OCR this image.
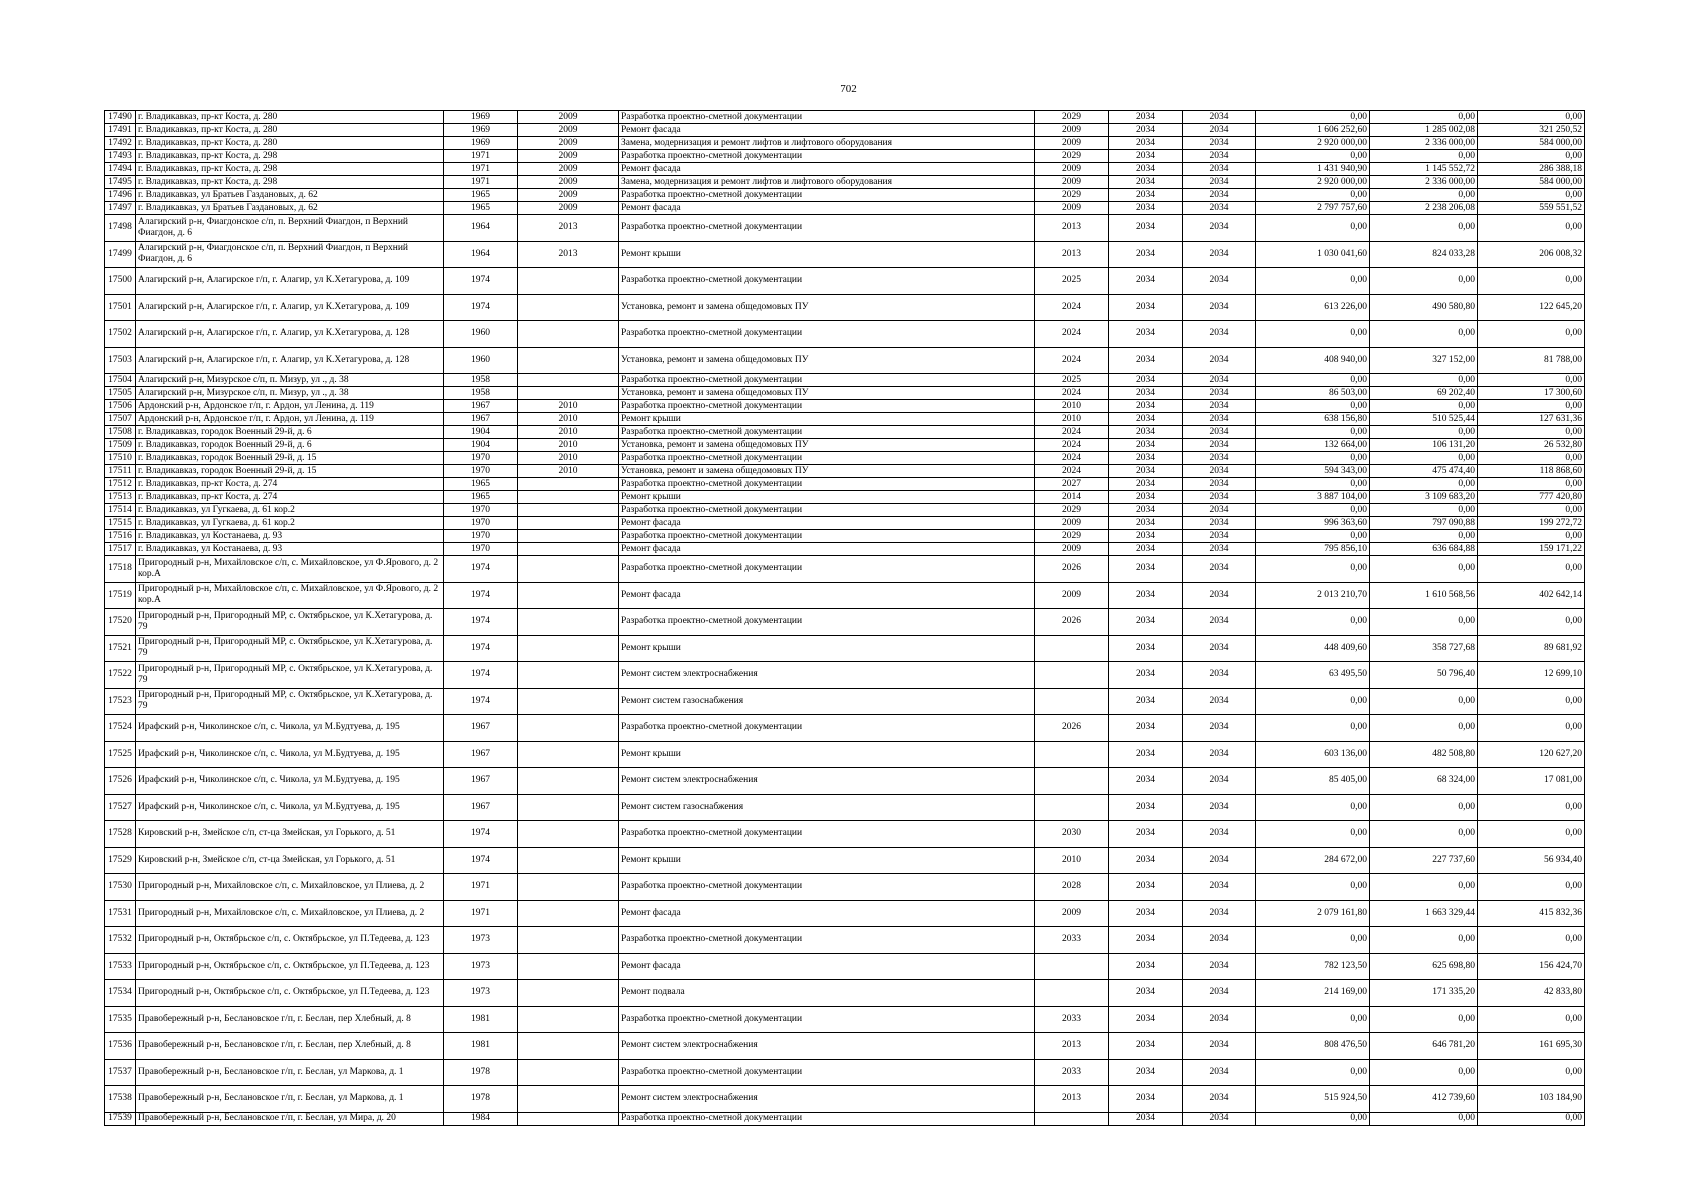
702
17490	г. Владикавказ, пр-кт Коста, д. 280	1969	2009	Разработка проектно-сметной документации	2029	2034	2034	0,00	0,00	0,00
17491	г. Владикавказ, пр-кт Коста, д. 280	1969	2009	Ремонт фасада	2009	2034	2034	1 606 252,60	1 285 002,08	321 250,52
17492	г. Владикавказ, пр-кт Коста, д. 280	1969	2009	Замена, модернизация и ремонт лифтов и лифтового оборудования	2009	2034	2034	2 920 000,00	2 336 000,00	584 000,00
17493	г. Владикавказ, пр-кт Коста, д. 298	1971	2009	Разработка проектно-сметной документации	2029	2034	2034	0,00	0,00	0,00
17494	г. Владикавказ, пр-кт Коста, д. 298	1971	2009	Ремонт фасада	2009	2034	2034	1 431 940,90	1 145 552,72	286 388,18
17495	г. Владикавказ, пр-кт Коста, д. 298	1971	2009	Замена, модернизация и ремонт лифтов и лифтового оборудования	2009	2034	2034	2 920 000,00	2 336 000,00	584 000,00
17496	г. Владикавказ, ул Братьев Газдановых, д. 62	1965	2009	Разработка проектно-сметной документации	2029	2034	2034	0,00	0,00	0,00
17497	г. Владикавказ, ул Братьев Газдановых, д. 62	1965	2009	Ремонт фасада	2009	2034	2034	2 797 757,60	2 238 206,08	559 551,52
17498	Алагирский р-н, Фиагдонское с/п, п. Верхний Фиагдон, п Верхний Фиагдон, д. 6	1964	2013	Разработка проектно-сметной документации	2013	2034	2034	0,00	0,00	0,00
17499	Алагирский р-н, Фиагдонское с/п, п. Верхний Фиагдон, п Верхний Фиагдон, д. 6	1964	2013	Ремонт крыши	2013	2034	2034	1 030 041,60	824 033,28	206 008,32
17500	Алагирский р-н, Алагирское г/п, г. Алагир, ул К.Хетагурова, д. 109	1974		Разработка проектно-сметной документации	2025	2034	2034	0,00	0,00	0,00
17501	Алагирский р-н, Алагирское г/п, г. Алагир, ул К.Хетагурова, д. 109	1974		Установка, ремонт и замена общедомовых ПУ	2024	2034	2034	613 226,00	490 580,80	122 645,20
17502	Алагирский р-н, Алагирское г/п, г. Алагир, ул К.Хетагурова, д. 128	1960		Разработка проектно-сметной документации	2024	2034	2034	0,00	0,00	0,00
17503	Алагирский р-н, Алагирское г/п, г. Алагир, ул К.Хетагурова, д. 128	1960		Установка, ремонт и замена общедомовых ПУ	2024	2034	2034	408 940,00	327 152,00	81 788,00
17504	Алагирский р-н, Мизурское с/п, п. Мизур, ул ., д. 38	1958		Разработка проектно-сметной документации	2025	2034	2034	0,00	0,00	0,00
17505	Алагирский р-н, Мизурское с/п, п. Мизур, ул ., д. 38	1958		Установка, ремонт и замена общедомовых ПУ	2024	2034	2034	86 503,00	69 202,40	17 300,60
17506	Ардонский р-н, Ардонское г/п, г. Ардон, ул Ленина, д. 119	1967	2010	Разработка проектно-сметной документации	2010	2034	2034	0,00	0,00	0,00
17507	Ардонский р-н, Ардонское г/п, г. Ардон, ул Ленина, д. 119	1967	2010	Ремонт крыши	2010	2034	2034	638 156,80	510 525,44	127 631,36
17508	г. Владикавказ, городок Военный 29-й, д. 6	1904	2010	Разработка проектно-сметной документации	2024	2034	2034	0,00	0,00	0,00
17509	г. Владикавказ, городок Военный 29-й, д. 6	1904	2010	Установка, ремонт и замена общедомовых ПУ	2024	2034	2034	132 664,00	106 131,20	26 532,80
17510	г. Владикавказ, городок Военный 29-й, д. 15	1970	2010	Разработка проектно-сметной документации	2024	2034	2034	0,00	0,00	0,00
17511	г. Владикавказ, городок Военный 29-й, д. 15	1970	2010	Установка, ремонт и замена общедомовых ПУ	2024	2034	2034	594 343,00	475 474,40	118 868,60
17512	г. Владикавказ, пр-кт Коста, д. 274	1965		Разработка проектно-сметной документации	2027	2034	2034	0,00	0,00	0,00
17513	г. Владикавказ, пр-кт Коста, д. 274	1965		Ремонт крыши	2014	2034	2034	3 887 104,00	3 109 683,20	777 420,80
17514	г. Владикавказ, ул Гугкаева, д. 61 кор.2	1970		Разработка проектно-сметной документации	2029	2034	2034	0,00	0,00	0,00
17515	г. Владикавказ, ул Гугкаева, д. 61 кор.2	1970		Ремонт фасада	2009	2034	2034	996 363,60	797 090,88	199 272,72
17516	г. Владикавказ, ул Костанаева, д. 93	1970		Разработка проектно-сметной документации	2029	2034	2034	0,00	0,00	0,00
17517	г. Владикавказ, ул Костанаева, д. 93	1970		Ремонт фасада	2009	2034	2034	795 856,10	636 684,88	159 171,22
17518	Пригородный р-н, Михайловское с/п, с. Михайловское, ул Ф.Ярового, д. 2 кор.А	1974		Разработка проектно-сметной документации	2026	2034	2034	0,00	0,00	0,00
17519	Пригородный р-н, Михайловское с/п, с. Михайловское, ул Ф.Ярового, д. 2 кор.А	1974		Ремонт фасада	2009	2034	2034	2 013 210,70	1 610 568,56	402 642,14
17520	Пригородный р-н, Пригородный МР, с. Октябрьское, ул К.Хетагурова, д. 79	1974		Разработка проектно-сметной документации	2026	2034	2034	0,00	0,00	0,00
17521	Пригородный р-н, Пригородный МР, с. Октябрьское, ул К.Хетагурова, д. 79	1974		Ремонт крыши		2034	2034	448 409,60	358 727,68	89 681,92
17522	Пригородный р-н, Пригородный МР, с. Октябрьское, ул К.Хетагурова, д. 79	1974		Ремонт систем электроснабжения		2034	2034	63 495,50	50 796,40	12 699,10
17523	Пригородный р-н, Пригородный МР, с. Октябрьское, ул К.Хетагурова, д. 79	1974		Ремонт систем газоснабжения		2034	2034	0,00	0,00	0,00
17524	Ирафский р-н, Чиколинское с/п, с. Чикола, ул М.Будтуева, д. 195	1967		Разработка проектно-сметной документации	2026	2034	2034	0,00	0,00	0,00
17525	Ирафский р-н, Чиколинское с/п, с. Чикола, ул М.Будтуева, д. 195	1967		Ремонт крыши		2034	2034	603 136,00	482 508,80	120 627,20
17526	Ирафский р-н, Чиколинское с/п, с. Чикола, ул М.Будтуева, д. 195	1967		Ремонт систем электроснабжения		2034	2034	85 405,00	68 324,00	17 081,00
17527	Ирафский р-н, Чиколинское с/п, с. Чикола, ул М.Будтуева, д. 195	1967		Ремонт систем газоснабжения		2034	2034	0,00	0,00	0,00
17528	Кировский р-н, Змейское с/п, ст-ца Змейская, ул Горького, д. 51	1974		Разработка проектно-сметной документации	2030	2034	2034	0,00	0,00	0,00
17529	Кировский р-н, Змейское с/п, ст-ца Змейская, ул Горького, д. 51	1974		Ремонт крыши	2010	2034	2034	284 672,00	227 737,60	56 934,40
17530	Пригородный р-н, Михайловское с/п, с. Михайловское, ул Плиева, д. 2	1971		Разработка проектно-сметной документации	2028	2034	2034	0,00	0,00	0,00
17531	Пригородный р-н, Михайловское с/п, с. Михайловское, ул Плиева, д. 2	1971		Ремонт фасада	2009	2034	2034	2 079 161,80	1 663 329,44	415 832,36
17532	Пригородный р-н, Октябрьское с/п, с. Октябрьское, ул П.Тедеева, д. 123	1973		Разработка проектно-сметной документации	2033	2034	2034	0,00	0,00	0,00
17533	Пригородный р-н, Октябрьское с/п, с. Октябрьское, ул П.Тедеева, д. 123	1973		Ремонт фасада		2034	2034	782 123,50	625 698,80	156 424,70
17534	Пригородный р-н, Октябрьское с/п, с. Октябрьское, ул П.Тедеева, д. 123	1973		Ремонт подвала		2034	2034	214 169,00	171 335,20	42 833,80
17535	Правобережный р-н, Беслановское г/п, г. Беслан, пер Хлебный, д. 8	1981		Разработка проектно-сметной документации	2033	2034	2034	0,00	0,00	0,00
17536	Правобережный р-н, Беслановское г/п, г. Беслан, пер Хлебный, д. 8	1981		Ремонт систем электроснабжения	2013	2034	2034	808 476,50	646 781,20	161 695,30
17537	Правобережный р-н, Беслановское г/п, г. Беслан, ул Маркова, д. 1	1978		Разработка проектно-сметной документации	2033	2034	2034	0,00	0,00	0,00
17538	Правобережный р-н, Беслановское г/п, г. Беслан, ул Маркова, д. 1	1978		Ремонт систем электроснабжения	2013	2034	2034	515 924,50	412 739,60	103 184,90
17539	Правобережный р-н, Беслановское г/п, г. Беслан, ул Мира, д. 20	1984		Разработка проектно-сметной документации		2034	2034	0,00	0,00	0,00
